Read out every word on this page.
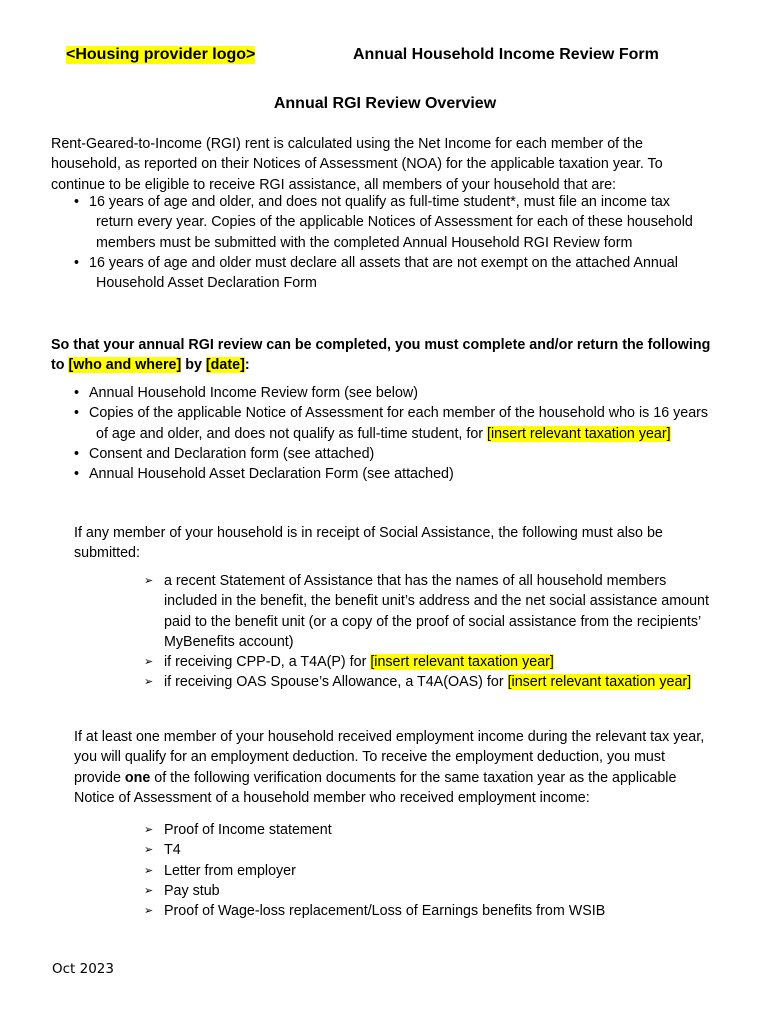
<Housing provider logo>	Annual Household Income Review Form
Annual RGI Review Overview

Rent-Geared-to-Income (RGI) rent is calculated using the Net Income for each member of the household, as reported on their Notices of Assessment (NOA) for the applicable taxation year. To continue to be eligible to receive RGI assistance, all members of your household that are:

• 16 years of age and older, and does not qualify as full-time student*, must file an income tax return every year. Copies of the applicable Notices of Assessment for each of these household members must be submitted with the completed Annual Household RGI Review form
• 16 years of age and older must declare all assets that are not exempt on the attached Annual Household Asset Declaration Form

So that your annual RGI review can be completed, you must complete and/or return the following to [who and where] by [date]:

• Annual Household Income Review form (see below)
• Copies of the applicable Notice of Assessment for each member of the household who is 16 years of age and older, and does not qualify as full-time student, for [insert relevant taxation year]
• Consent and Declaration form (see attached)
• Annual Household Asset Declaration Form (see attached)

If any member of your household is in receipt of Social Assistance, the following must also be submitted:

➢ a recent Statement of Assistance that has the names of all household members included in the benefit, the benefit unit’s address and the net social assistance amount paid to the benefit unit (or a copy of the proof of social assistance from the recipients’ MyBenefits account)
➢ if receiving CPP-D, a T4A(P) for [insert relevant taxation year]
➢ if receiving OAS Spouse’s Allowance, a T4A(OAS) for [insert relevant taxation year]

If at least one member of your household received employment income during the relevant tax year, you will qualify for an employment deduction. To receive the employment deduction, you must provide one of the following verification documents for the same taxation year as the applicable Notice of Assessment of a household member who received employment income:

➢ Proof of Income statement
➢ T4
➢ Letter from employer
➢ Pay stub
➢ Proof of Wage-loss replacement/Loss of Earnings benefits from WSIB
Oct 2023
